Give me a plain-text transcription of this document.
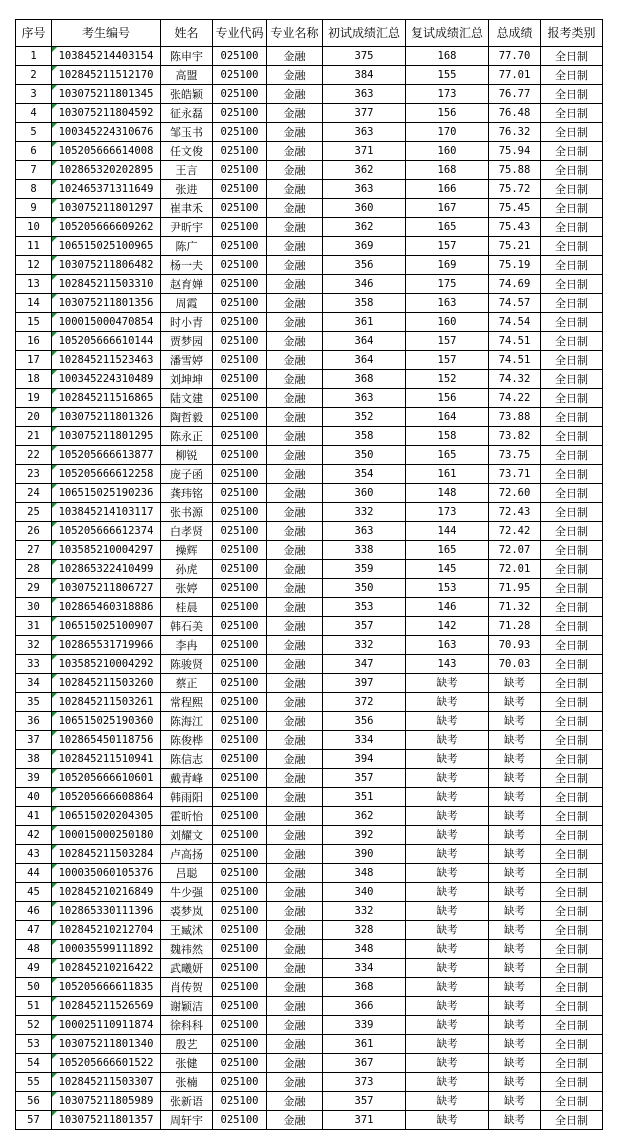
序号	考生编号	姓名	专业代码	专业名称	初试成绩汇总	复试成绩汇总	总成绩	报考类别
1	103845214403154	陈申宇	025100	金融	375	168	77.70	全日制
2	102845211512170	高盟	025100	金融	384	155	77.01	全日制
3	103075211801345	张皓颖	025100	金融	363	173	76.77	全日制
4	103075211804592	征永磊	025100	金融	377	156	76.48	全日制
5	100345224310676	邹玉书	025100	金融	363	170	76.32	全日制
6	105205666614008	任文俊	025100	金融	371	160	75.94	全日制
7	102865320202895	王言	025100	金融	362	168	75.88	全日制
8	102465371311649	张进	025100	金融	363	166	75.72	全日制
9	103075211801297	崔聿禾	025100	金融	360	167	75.45	全日制
10	105205666609262	尹昕宇	025100	金融	362	165	75.43	全日制
11	106515025100965	陈广	025100	金融	369	157	75.21	全日制
12	103075211806482	杨一夫	025100	金融	356	169	75.19	全日制
13	102845211503310	赵育婵	025100	金融	346	175	74.69	全日制
14	103075211801356	周霞	025100	金融	358	163	74.57	全日制
15	100015000470854	时小青	025100	金融	361	160	74.54	全日制
16	105205666610144	贾梦园	025100	金融	364	157	74.51	全日制
17	102845211523463	潘雪婷	025100	金融	364	157	74.51	全日制
18	100345224310489	刘坤坤	025100	金融	368	152	74.32	全日制
19	102845211516865	陆文建	025100	金融	363	156	74.22	全日制
20	103075211801326	陶哲毅	025100	金融	352	164	73.88	全日制
21	103075211801295	陈永正	025100	金融	358	158	73.82	全日制
22	105205666613877	柳锐	025100	金融	350	165	73.75	全日制
23	105205666612258	庞子函	025100	金融	354	161	73.71	全日制
24	106515025190236	龚玮铭	025100	金融	360	148	72.60	全日制
25	103845214103117	张书源	025100	金融	332	173	72.43	全日制
26	105205666612374	白孝贤	025100	金融	363	144	72.42	全日制
27	103585210004297	操辉	025100	金融	338	165	72.07	全日制
28	102865322410499	孙虎	025100	金融	359	145	72.01	全日制
29	103075211806727	张婷	025100	金融	350	153	71.95	全日制
30	102865460318886	桂晨	025100	金融	353	146	71.32	全日制
31	106515025100907	韩石美	025100	金融	357	142	71.28	全日制
32	102865531719966	李冉	025100	金融	332	163	70.93	全日制
33	103585210004292	陈骏贤	025100	金融	347	143	70.03	全日制
34	102845211503260	蔡正	025100	金融	397	缺考	缺考	全日制
35	102845211503261	常程熙	025100	金融	372	缺考	缺考	全日制
36	106515025190360	陈海江	025100	金融	356	缺考	缺考	全日制
37	102865450118756	陈俊桦	025100	金融	334	缺考	缺考	全日制
38	102845211510941	陈信志	025100	金融	394	缺考	缺考	全日制
39	105205666610601	戴青峰	025100	金融	357	缺考	缺考	全日制
40	105205666608864	韩雨阳	025100	金融	351	缺考	缺考	全日制
41	106515020204305	霍昕怡	025100	金融	362	缺考	缺考	全日制
42	100015000250180	刘耀文	025100	金融	392	缺考	缺考	全日制
43	102845211503284	卢高扬	025100	金融	390	缺考	缺考	全日制
44	100035060105376	吕聪	025100	金融	348	缺考	缺考	全日制
45	102845210216849	牛少强	025100	金融	340	缺考	缺考	全日制
46	102865330111396	裘梦岚	025100	金融	332	缺考	缺考	全日制
47	102845210212704	王臧沭	025100	金融	328	缺考	缺考	全日制
48	100035599111892	魏祎然	025100	金融	348	缺考	缺考	全日制
49	102845210216422	武曦妍	025100	金融	334	缺考	缺考	全日制
50	105205666611835	肖传贺	025100	金融	368	缺考	缺考	全日制
51	102845211526569	谢颖洁	025100	金融	366	缺考	缺考	全日制
52	100025110911874	徐科科	025100	金融	339	缺考	缺考	全日制
53	103075211801340	殷艺	025100	金融	361	缺考	缺考	全日制
54	105205666601522	张健	025100	金融	367	缺考	缺考	全日制
55	102845211503307	张楠	025100	金融	373	缺考	缺考	全日制
56	103075211805989	张新语	025100	金融	357	缺考	缺考	全日制
57	103075211801357	周轩宇	025100	金融	371	缺考	缺考	全日制
